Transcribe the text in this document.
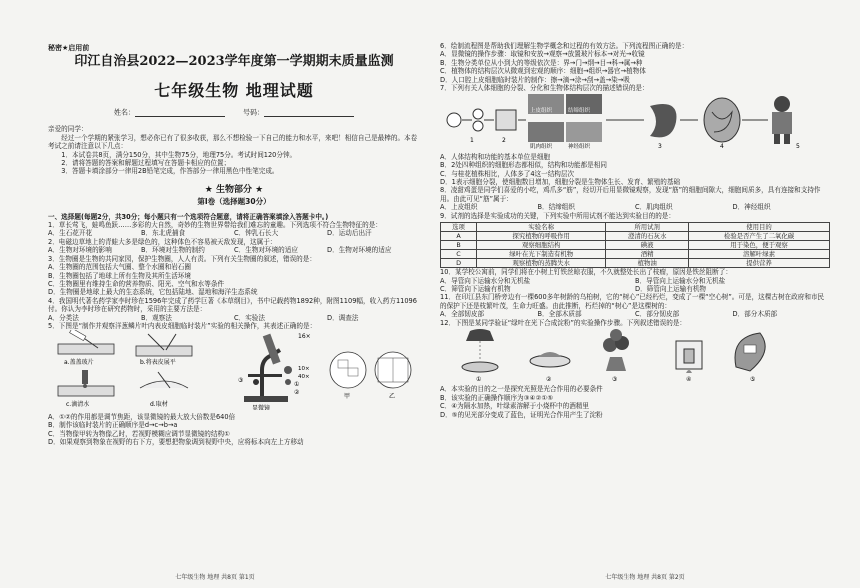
秘密★启用前
印江自治县2022—2023学年度第一学期期末质量监测
七年级生物 地理试题
姓名：	号码：

亲爱的同学：

经过一个学期的紧张学习，想必你已有了很多收获，那么不想检验一下自己的能力和水平，来吧！相信自己是最棒的。本卷考试之前请注意以下几点：

1．本试卷共8页，满分150分，其中生物75分，地理75分。考试时间120分钟。

2．请将答题的答案和解题过程填写在答题卡相应的位置；

3．答题卡填涂部分一律用2B铅笔完成，作答部分一律用黑色中性笔完成。

★ 生物部分 ★
第Ⅰ卷（选择题30分）
一、选择题(每题2分，共30分；每小题只有一个选项符合题意，请将正确答案填涂入答题卡中。)

1．草长莺飞，蛙鸣鱼跃……多彩的大自然，奇妙的生物世界带给我们难忘的童趣。下列选项不符合生物特征的是：

A．生石花开花	B．东北虎捕食	C．钟乳石长大	D．运动后出汗

2．电磁边草地上的青蛙大多是绿色的，这种体色不容易被天敌发现，这属于：

A．生物对环境的影响	B．环境对生物的制约	C．生物对环境的适应	D．生物对环境的适应

3．生物圈是生物的共同家园，保护生物圈，人人有责。下列有关生物圈的叙述，错误的是：

A．生物圈的范围包括大气圈、整个水圈和岩石圈

B．生物圈包括了地球上所有生物及其所生活环境

C．生物圈里有维持生命的营养物质、阳光、空气和水等条件

D．生物圈是地球上最大的生态系统，它包括陆地、湿地和海洋生态系统

4．我国明代著名药学家李时珍在1596年完成了药学巨著《本草纲目》，书中记载药物1892种，附图1109幅，收入药方11096付。你认为李时珍在研究药物时，采用的主要方法是：

A．分类法	B．观察法	C．实验法	D．调查法

5．下图是“制作并观察洋葱鳞片叶内表皮细胞临时装片”实验的相关操作，其表述正确的是：

a.盖盖玻片	b.将表皮展平
c.滴清水	d.取材
16×
10×
40×
①
②
③
显微镜
甲	乙

A．①②的作用都是调节焦距，该显微镜的最大放大倍数是640倍

B．制作该临时装片的正确顺序是d→c→b→a

C．当物像甲转为物像乙时，若视野模糊应调节显微镜的结构①

D．如果观察到物象在视野的右下方，要想把物象调到视野中央，应将标本向左上方移动

七年级生物 地理 共8页 第1页

6．绘制流程图是帮助我们理解生物学概念和过程的有效方法。下列流程图正确的是：

A．显微镜的操作步骤：取镜和安放→观察→放置玻片标本→对光→收镜

B．生物分类单位从小到大的等级依次是：界→门→纲→目→科→属→种

C．植物体的结构层次从微观到宏观的顺序：细胞→组织→器官→植物体

D．人口腔上皮细胞临时装片的制作：擦→滴→涂→刮→盖→染→吸

7．下列有关人体细胞的分裂、分化和生物体结构层次的描述错误的是：

1	2
上皮组织	结缔组织
肌肉组织	神经组织	3	4	5

A．人体结构和功能的基本单位是细胞

B．2处四种组织的细胞形态都相似，结构和功能都是相同

C．与桂花植株相比，人体多了4这一结构层次

D．1表示细胞分裂，使细胞数目增加，细胞分裂是生物体生长、发育、繁殖的基础

8．凌甜鸡蛋是同学们喜爱的小吃，鸡爪多“筋”，经切开后用显微镜观察，发现“筋”的细胞间隙大，细胞间质多，具有连接和支持作用。由此可见“筋”属于：

A．上皮组织	B．结缔组织	C．肌肉组织	D．神经组织

9．试剂的选择是实验成功的关键，下列实验中所用试剂不能达到实验目的的是：

选项	实验名称	所用试剂	使用目的
A	探究植物的呼吸作用	澄清的石灰水	检验是否产生了二氧化碳
B	观察细胞结构	碘液	用于染色，便于观察
C	绿叶在光下制造有机物	酒精	溶解叶绿素
D	观察植物的蒸腾失水	植物油	提供营养

10．某学校公寓前，同学们将在小树上钉铁丝晾衣服，不久就整处长出了枝瘤，原因是铁丝阻断了：

A．导管向下运输水分和无机盐	B．导管向上运输水分和无机盐
C．筛管向下运输有机物	D．筛管向上运输有机物

11．在印江县东门桥旁边有一棵600多年树龄的乌桕树，它的“树心”已经朽烂，变成了一棵“空心树”。可是，这棵古树在政府和市民的保护下还是枝繁叶茂，生命力旺盛。由此推断，朽烂掉的“树心”是这棵树的：

A．全部韧皮部	B．全部木质部	C．部分韧皮部	D．部分木质部

12．下图是某同学验证“绿叶在光下合成淀粉”的实验操作步骤。下列叙述错误的是：

①	②	③	④	⑤

A．本实验的目的之一是探究光照是光合作用的必要条件

B．该实验的正确操作顺序为③④②①⑤

C．④为隔水加热，叶绿素溶解于小烧杯中的酒精里

D．⑤的见光部分变成了蓝色，证明光合作用产生了淀粉

七年级生物 地理 共8页 第2页
